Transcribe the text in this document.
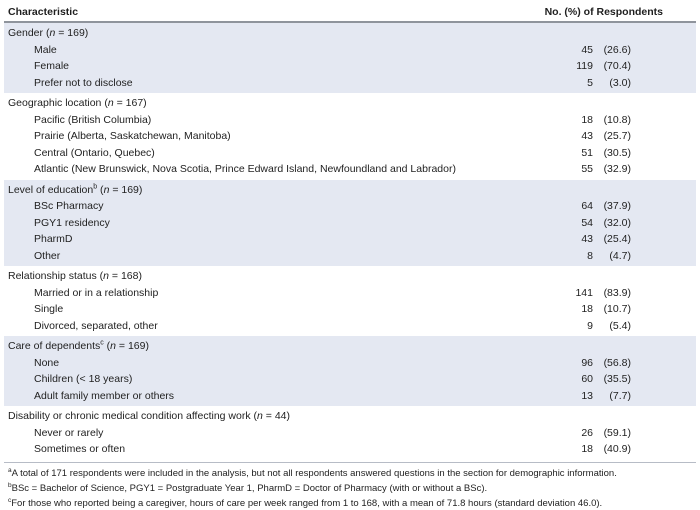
Characteristic	No. (%) of Respondents
Gender (n = 169)
Male	45	(26.6)
Female	119	(70.4)
Prefer not to disclose	5	(3.0)
Geographic location (n = 167)
Pacific (British Columbia)	18	(10.8)
Prairie (Alberta, Saskatchewan, Manitoba)	43	(25.7)
Central (Ontario, Quebec)	51	(30.5)
Atlantic (New Brunswick, Nova Scotia, Prince Edward Island, Newfoundland and Labrador)	55	(32.9)
Level of education$^b$ (n = 169)
BSc Pharmacy	64	(37.9)
PGY1 residency	54	(32.0)
PharmD	43	(25.4)
Other	8	(4.7)
Relationship status (n = 168)
Married or in a relationship	141	(83.9)
Single	18	(10.7)
Divorced, separated, other	9	(5.4)
Care of dependents$^c$ (n = 169)
None	96	(56.8)
Children (< 18 years)	60	(35.5)
Adult family member or others	13	(7.7)
Disability or chronic medical condition affecting work (n = 44)
Never or rarely	26	(59.1)
Sometimes or often	18	(40.9)
$^a$A total of 171 respondents were included in the analysis, but not all respondents answered questions in the section for demographic information.
$^b$BSc = Bachelor of Science, PGY1 = Postgraduate Year 1, PharmD = Doctor of Pharmacy (with or without a BSc).
$^c$For those who reported being a caregiver, hours of care per week ranged from 1 to 168, with a mean of 71.8 hours (standard deviation 46.0).
